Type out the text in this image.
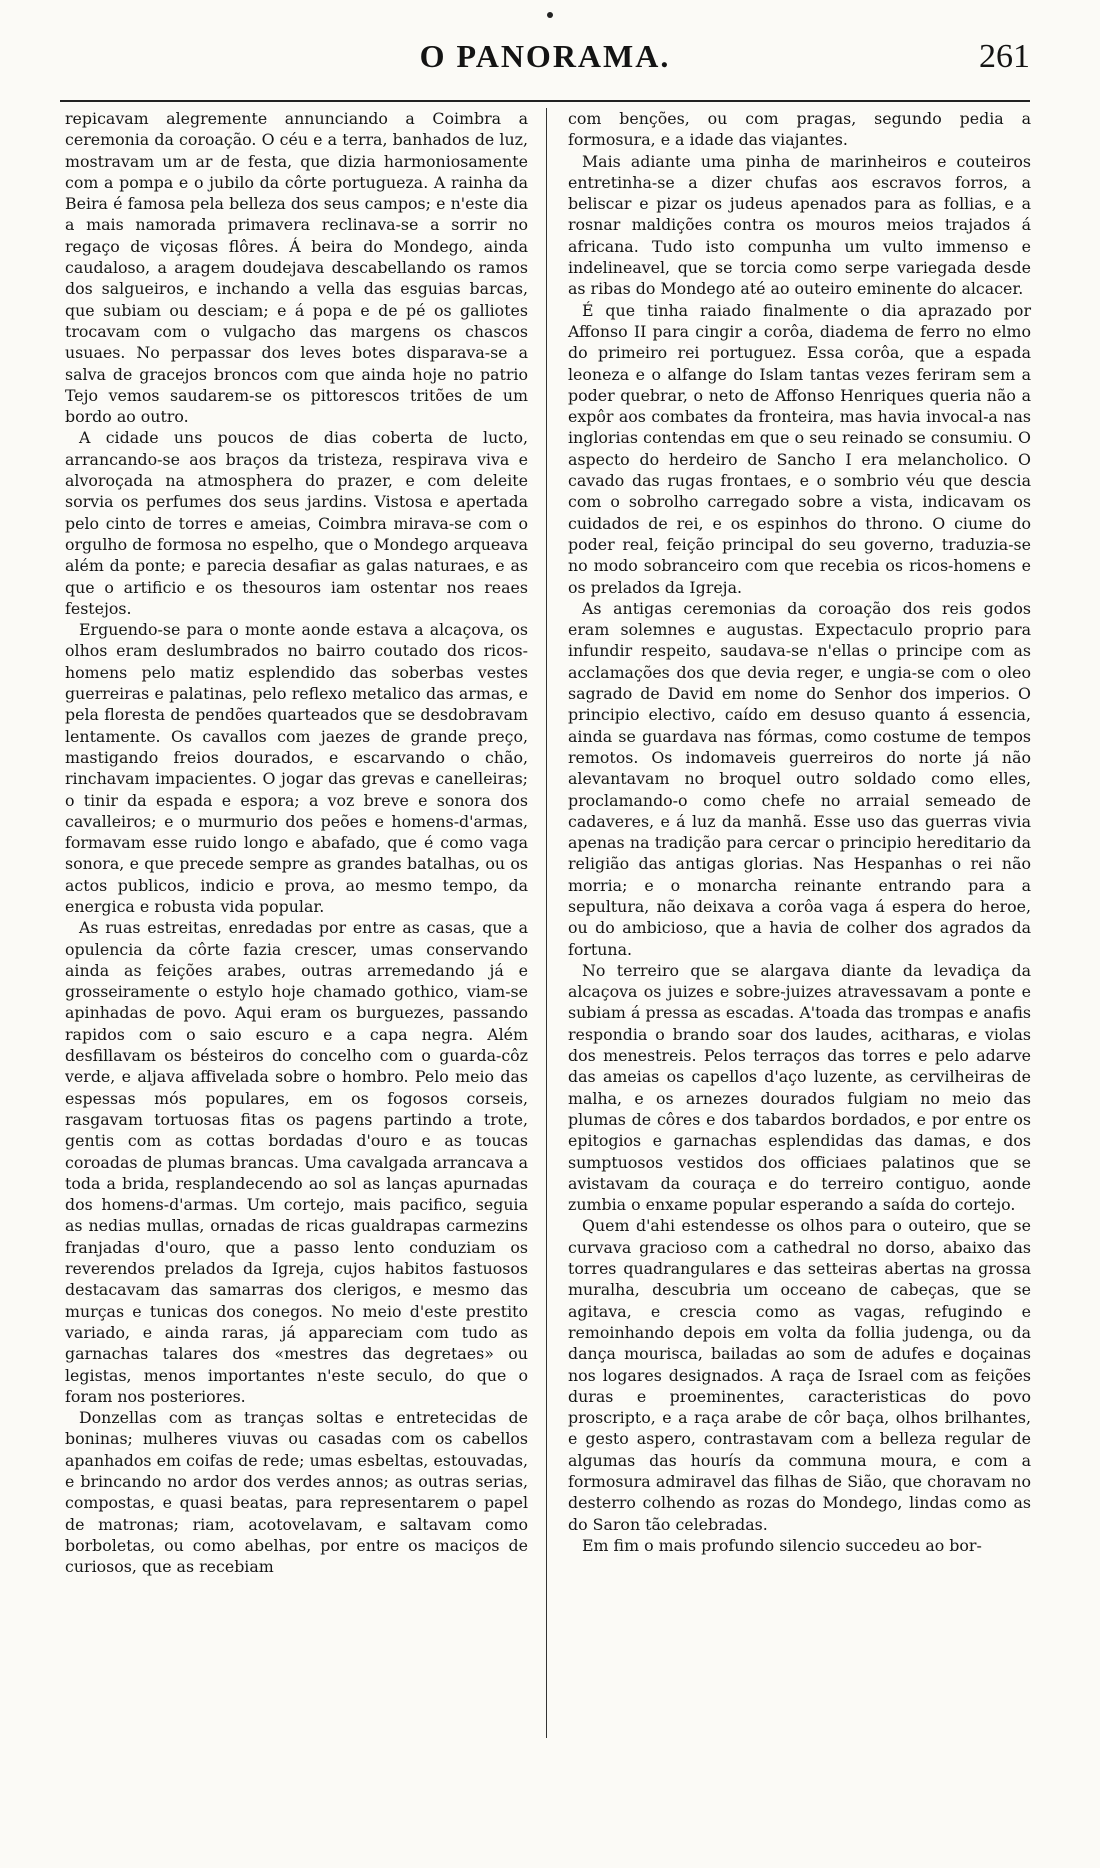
O PANORAMA.	261

repicavam alegremente annunciando a Coimbra a ceremonia da coroação. O céu e a terra, banhados de luz, mostravam um ar de festa, que dizia harmoniosamente com a pompa e o jubilo da côrte portugueza. A rainha da Beira é famosa pela belleza dos seus campos; e n'este dia a mais namorada primavera reclinava-se a sorrir no regaço de viçosas flôres. Á beira do Mondego, ainda caudaloso, a aragem doudejava descabellando os ramos dos salgueiros, e inchando a vella das esguias barcas, que subiam ou desciam; e á popa e de pé os galliotes trocavam com o vulgacho das margens os chascos usuaes. No perpassar dos leves botes disparava-se a salva de gracejos broncos com que ainda hoje no patrio Tejo vemos saudarem-se os pittorescos tritões de um bordo ao outro.

A cidade uns poucos de dias coberta de lucto, arrancando-se aos braços da tristeza, respirava viva e alvoroçada na atmosphera do prazer, e com deleite sorvia os perfumes dos seus jardins. Vistosa e apertada pelo cinto de torres e ameias, Coimbra mirava-se com o orgulho de formosa no espelho, que o Mondego arqueava além da ponte; e parecia desafiar as galas naturaes, e as que o artificio e os thesouros iam ostentar nos reaes festejos.

Erguendo-se para o monte aonde estava a alcaçova, os olhos eram deslumbrados no bairro coutado dos ricos-homens pelo matiz esplendido das soberbas vestes guerreiras e palatinas, pelo reflexo metalico das armas, e pela floresta de pendões quarteados que se desdobravam lentamente. Os cavallos com jaezes de grande preço, mastigando freios dourados, e escarvando o chão, rinchavam impacientes. O jogar das grevas e canelleiras; o tinir da espada e espora; a voz breve e sonora dos cavalleiros; e o murmurio dos peões e homens-d'armas, formavam esse ruido longo e abafado, que é como vaga sonora, e que precede sempre as grandes batalhas, ou os actos publicos, indicio e prova, ao mesmo tempo, da energica e robusta vida popular.

As ruas estreitas, enredadas por entre as casas, que a opulencia da côrte fazia crescer, umas conservando ainda as feições arabes, outras arremedando já e grosseiramente o estylo hoje chamado gothico, viam-se apinhadas de povo. Aqui eram os burguezes, passando rapidos com o saio escuro e a capa negra. Além desfillavam os bésteiros do concelho com o guarda-côz verde, e aljava affivelada sobre o hombro. Pelo meio das espessas mós populares, em os fogosos corseis, rasgavam tortuosas fitas os pagens partindo a trote, gentis com as cottas bordadas d'ouro e as toucas coroadas de plumas brancas. Uma cavalgada arrancava a toda a brida, resplandecendo ao sol as lanças apurnadas dos homens-d'armas. Um cortejo, mais pacifico, seguia as nedias mullas, ornadas de ricas gualdrapas carmezins franjadas d'ouro, que a passo lento conduziam os reverendos prelados da Igreja, cujos habitos fastuosos destacavam das samarras dos clerigos, e mesmo das murças e tunicas dos conegos. No meio d'este prestito variado, e ainda raras, já appareciam com tudo as garnachas talares dos «mestres das degretaes» ou legistas, menos importantes n'este seculo, do que o foram nos posteriores.

Donzellas com as tranças soltas e entretecidas de boninas; mulheres viuvas ou casadas com os cabellos apanhados em coifas de rede; umas esbeltas, estouvadas, e brincando no ardor dos verdes annos; as outras serias, compostas, e quasi beatas, para representarem o papel de matronas; riam, acotovelavam, e saltavam como borboletas, ou como abelhas, por entre os maciços de curiosos, que as recebiam

com benções, ou com pragas, segundo pedia a formosura, e a idade das viajantes.

Mais adiante uma pinha de marinheiros e couteiros entretinha-se a dizer chufas aos escravos forros, a beliscar e pizar os judeus apenados para as follias, e a rosnar maldições contra os mouros meios trajados á africana. Tudo isto compunha um vulto immenso e indelineavel, que se torcia como serpe variegada desde as ribas do Mondego até ao outeiro eminente do alcacer.

É que tinha raiado finalmente o dia aprazado por Affonso II para cingir a corôa, diadema de ferro no elmo do primeiro rei portuguez. Essa corôa, que a espada leoneza e o alfange do Islam tantas vezes feriram sem a poder quebrar, o neto de Affonso Henriques queria não a expôr aos combates da fronteira, mas havia invocal-a nas inglorias contendas em que o seu reinado se consumiu. O aspecto do herdeiro de Sancho I era melancholico. O cavado das rugas frontaes, e o sombrio véu que descia com o sobrolho carregado sobre a vista, indicavam os cuidados de rei, e os espinhos do throno. O ciume do poder real, feição principal do seu governo, traduzia-se no modo sobranceiro com que recebia os ricos-homens e os prelados da Igreja.

As antigas ceremonias da coroação dos reis godos eram solemnes e augustas. Expectaculo proprio para infundir respeito, saudava-se n'ellas o principe com as acclamações dos que devia reger, e ungia-se com o oleo sagrado de David em nome do Senhor dos imperios. O principio electivo, caído em desuso quanto á essencia, ainda se guardava nas fórmas, como costume de tempos remotos. Os indomaveis guerreiros do norte já não alevantavam no broquel outro soldado como elles, proclamando-o como chefe no arraial semeado de cadaveres, e á luz da manhã. Esse uso das guerras vivia apenas na tradição para cercar o principio hereditario da religião das antigas glorias. Nas Hespanhas o rei não morria; e o monarcha reinante entrando para a sepultura, não deixava a corôa vaga á espera do heroe, ou do ambicioso, que a havia de colher dos agrados da fortuna.

No terreiro que se alargava diante da levadiça da alcaçova os juizes e sobre-juizes atravessavam a ponte e subiam á pressa as escadas. A'toada das trompas e anafis respondia o brando soar dos laudes, acitharas, e violas dos menestreis. Pelos terraços das torres e pelo adarve das ameias os capellos d'aço luzente, as cervilheiras de malha, e os arnezes dourados fulgiam no meio das plumas de côres e dos tabardos bordados, e por entre os epitogios e garnachas esplendidas das damas, e dos sumptuosos vestidos dos officiaes palatinos que se avistavam da couraça e do terreiro contiguo, aonde zumbia o enxame popular esperando a saída do cortejo.

Quem d'ahi estendesse os olhos para o outeiro, que se curvava gracioso com a cathedral no dorso, abaixo das torres quadrangulares e das setteiras abertas na grossa muralha, descubria um occeano de cabeças, que se agitava, e crescia como as vagas, refugindo e remoinhando depois em volta da follia judenga, ou da dança mourisca, bailadas ao som de adufes e doçainas nos logares designados. A raça de Israel com as feições duras e proeminentes, caracteristicas do povo proscripto, e a raça arabe de côr baça, olhos brilhantes, e gesto aspero, contrastavam com a belleza regular de algumas das hourís da communa moura, e com a formosura admiravel das filhas de Sião, que choravam no desterro colhendo as rozas do Mondego, lindas como as do Saron tão celebradas.

Em fim o mais profundo silencio succedeu ao bor-
